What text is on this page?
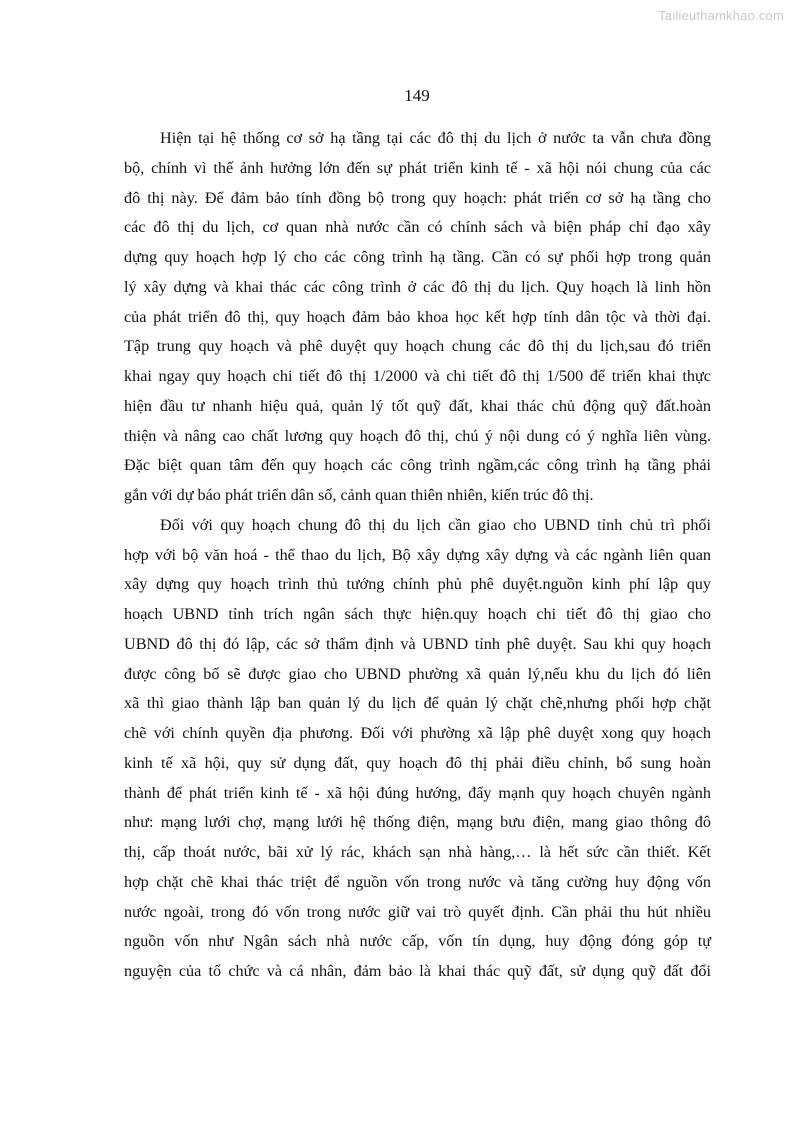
Tailieuthamkhao.com
149
Hiện tại hệ thống cơ sở hạ tầng tại các đô thị du lịch ở nước ta vẫn chưa đồng
bộ, chính vì thế ảnh hưởng lớn đến sự phát triển kinh tế - xã hội nói chung của các
đô thị này. Để đảm bảo tính đồng bộ trong quy hoạch: phát triển cơ sở hạ tầng cho
các đô thị du lịch, cơ quan nhà nước cần có chính sách và biện pháp chỉ đạo xây
dựng quy hoạch hợp lý cho các công trình hạ tầng. Cần có sự phối hợp trong quản
lý xây dựng và khai thác các công trình ở các đô thị du lịch. Quy hoạch là linh hồn
của phát triển đô thị, quy hoạch đảm bảo khoa học kết hợp tính dân tộc và thời đại.
Tập trung quy hoạch và phê duyệt quy hoạch chung các đô thị du lịch,sau đó triển
khai ngay quy hoạch chi tiết đô thị 1/2000 và chi tiết đô thị 1/500 để triển khai thực
hiện đầu tư nhanh hiệu quả, quản lý tốt quỹ đất, khai thác chủ động quỹ đất.hoàn
thiện và nâng cao chất lương quy hoạch đô thị, chú ý nội dung có ý nghĩa liên vùng.
Đặc biệt quan tâm đến quy hoạch các công trình ngầm,các công trình hạ tầng phải
gắn với dự báo phát triển dân số, cảnh quan thiên nhiên, kiến trúc đô thị.
Đối với quy hoạch chung đô thị du lịch cần giao cho UBND tỉnh chủ trì phối
hợp với bộ văn hoá - thể thao du lịch, Bộ xây dựng xây dựng và các ngành liên quan
xây dựng quy hoạch trình thủ tướng chính phủ phê duyệt.nguồn kinh phí lập quy
hoạch UBND tỉnh trích ngân sách thực hiện.quy hoạch chi tiết đô thị giao cho
UBND đô thị đó lập, các sở thẩm định và UBND tỉnh phê duyệt. Sau khi quy hoạch
được công bố sẽ được giao cho UBND phường xã quản lý,nếu khu du lịch đó liên
xã thì giao thành lập ban quản lý du lịch để quản lý chặt chẽ,nhưng phối hợp chặt
chẽ với chính quyền địa phương. Đối với phường xã lập phê duyệt xong quy hoạch
kinh tế xã hội, quy sử dụng đất, quy hoạch đô thị phải điều chỉnh, bổ sung hoàn
thành để phát triển kinh tế - xã hội đúng hướng, đẩy mạnh quy hoạch chuyên ngành
như: mạng lưới chợ, mạng lưới hệ thống điện, mạng bưu điện, mang giao thông đô
thị, cấp thoát nước, bãi xử lý rác, khách sạn nhà hàng,… là hết sức cần thiết. Kết
hợp chặt chẽ khai thác triệt để nguồn vốn trong nước và tăng cường huy động vốn
nước ngoài, trong đó vốn trong nước giữ vai trò quyết định. Cần phải thu hút nhiều
nguồn vốn như Ngân sách nhà nước cấp, vốn tín dụng, huy động đóng góp tự
nguyện của tổ chức và cá nhân, đảm bảo là khai thác quỹ đất, sử dụng quỹ đất đổi
